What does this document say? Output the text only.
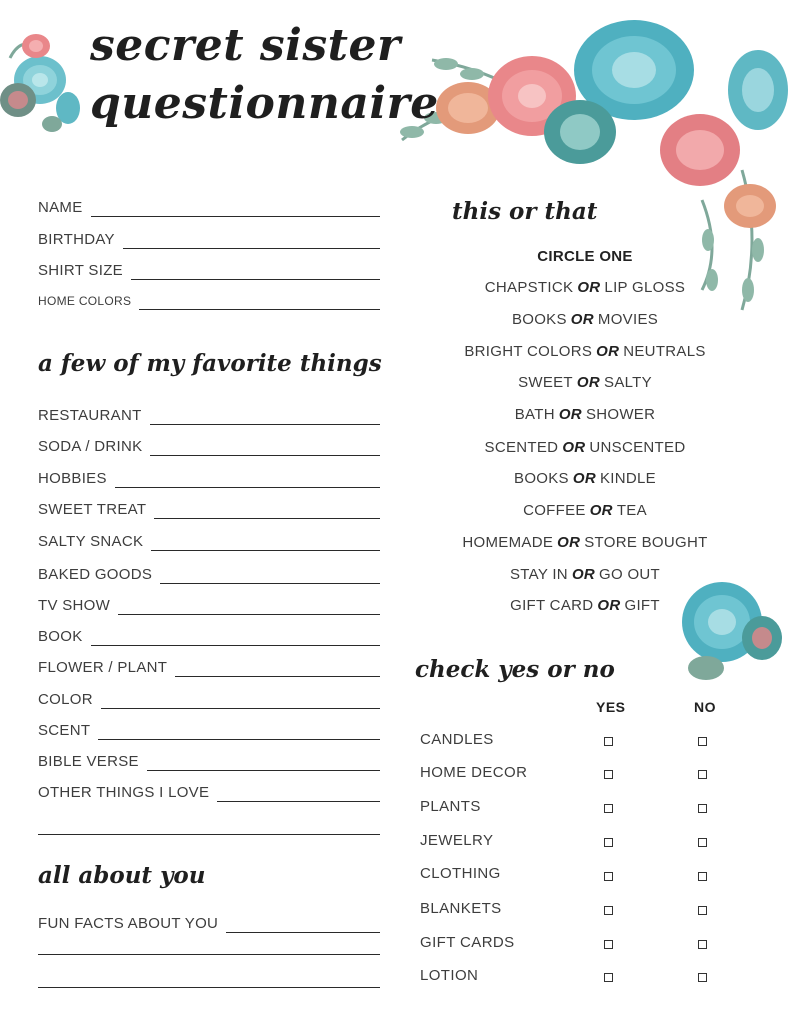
secret sister
questionnaire
NAME
BIRTHDAY
SHIRT SIZE
HOME COLORS
a few of my favorite things
RESTAURANT
SODA / DRINK
HOBBIES
SWEET TREAT
SALTY SNACK
BAKED GOODS
TV SHOW
BOOK
FLOWER / PLANT
COLOR
SCENT
BIBLE VERSE
OTHER THINGS I LOVE
all about you
FUN FACTS ABOUT YOU
this or that
CIRCLE ONE
CHAPSTICK OR LIP GLOSS
BOOKS OR MOVIES
BRIGHT COLORS OR NEUTRALS
SWEET OR SALTY
BATH OR SHOWER
SCENTED OR UNSCENTED
BOOKS OR KINDLE
COFFEE OR TEA
HOMEMADE OR STORE BOUGHT
STAY IN OR GO OUT
GIFT CARD OR GIFT
check yes or no
YES	NO
CANDLES
HOME DECOR
PLANTS
JEWELRY
CLOTHING
BLANKETS
GIFT CARDS
LOTION
